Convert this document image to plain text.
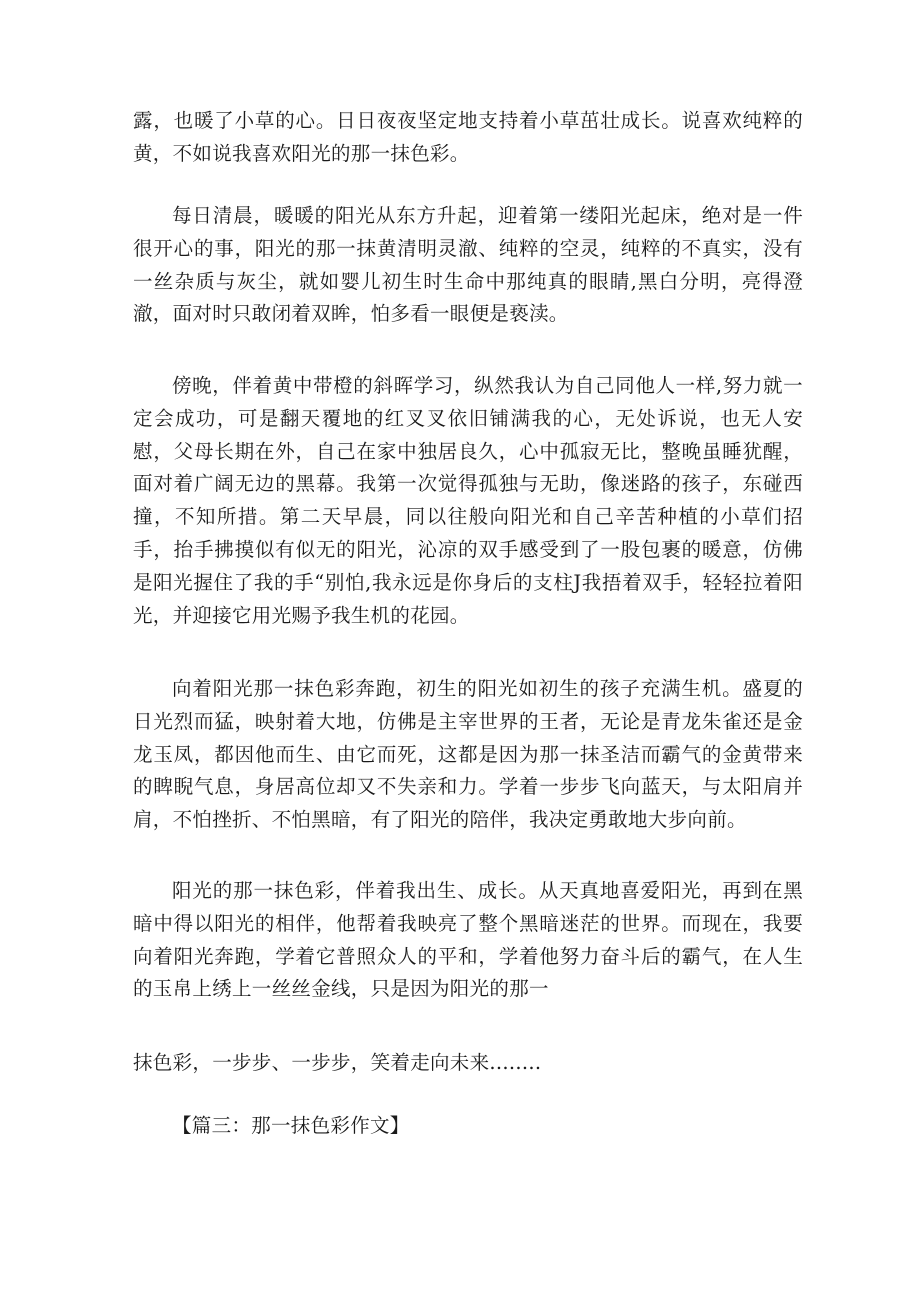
露，也暖了小草的心。日日夜夜坚定地支持着小草茁壮成长。说喜欢纯粹的黄，不如说我喜欢阳光的那一抹色彩。

每日清晨，暖暖的阳光从东方升起，迎着第一缕阳光起床，绝对是一件很开心的事，阳光的那一抹黄清明灵澈、纯粹的空灵，纯粹的不真实，没有一丝杂质与灰尘，就如婴儿初生时生命中那纯真的眼睛,黑白分明，亮得澄澈，面对时只敢闭着双眸，怕多看一眼便是亵渎。

傍晚，伴着黄中带橙的斜晖学习，纵然我认为自己同他人一样,努力就一定会成功，可是翻天覆地的红叉叉依旧铺满我的心，无处诉说，也无人安慰，父母长期在外，自己在家中独居良久，心中孤寂无比，整晚虽睡犹醒，面对着广阔无边的黑幕。我第一次觉得孤独与无助，像迷路的孩子，东碰西撞，不知所措。第二天早晨，同以往般向阳光和自己辛苦种植的小草们招手，抬手拂摸似有似无的阳光，沁凉的双手感受到了一股包裹的暖意，仿佛是阳光握住了我的手“别怕,我永远是你身后的支柱J我捂着双手，轻轻拉着阳光，并迎接它用光赐予我生机的花园。

向着阳光那一抹色彩奔跑，初生的阳光如初生的孩子充满生机。盛夏的日光烈而猛，映射着大地，仿佛是主宰世界的王者，无论是青龙朱雀还是金龙玉凤，都因他而生、由它而死，这都是因为那一抹圣洁而霸气的金黄带来的睥睨气息，身居高位却又不失亲和力。学着一步步飞向蓝天，与太阳肩并肩，不怕挫折、不怕黑暗，有了阳光的陪伴，我决定勇敢地大步向前。

阳光的那一抹色彩，伴着我出生、成长。从天真地喜爱阳光，再到在黑暗中得以阳光的相伴，他帮着我映亮了整个黑暗迷茫的世界。而现在，我要向着阳光奔跑，学着它普照众人的平和，学着他努力奋斗后的霸气，在人生的玉帛上绣上一丝丝金线，只是因为阳光的那一

抹色彩，一步步、一步步，笑着走向未来........

【篇三：那一抹色彩作文】
